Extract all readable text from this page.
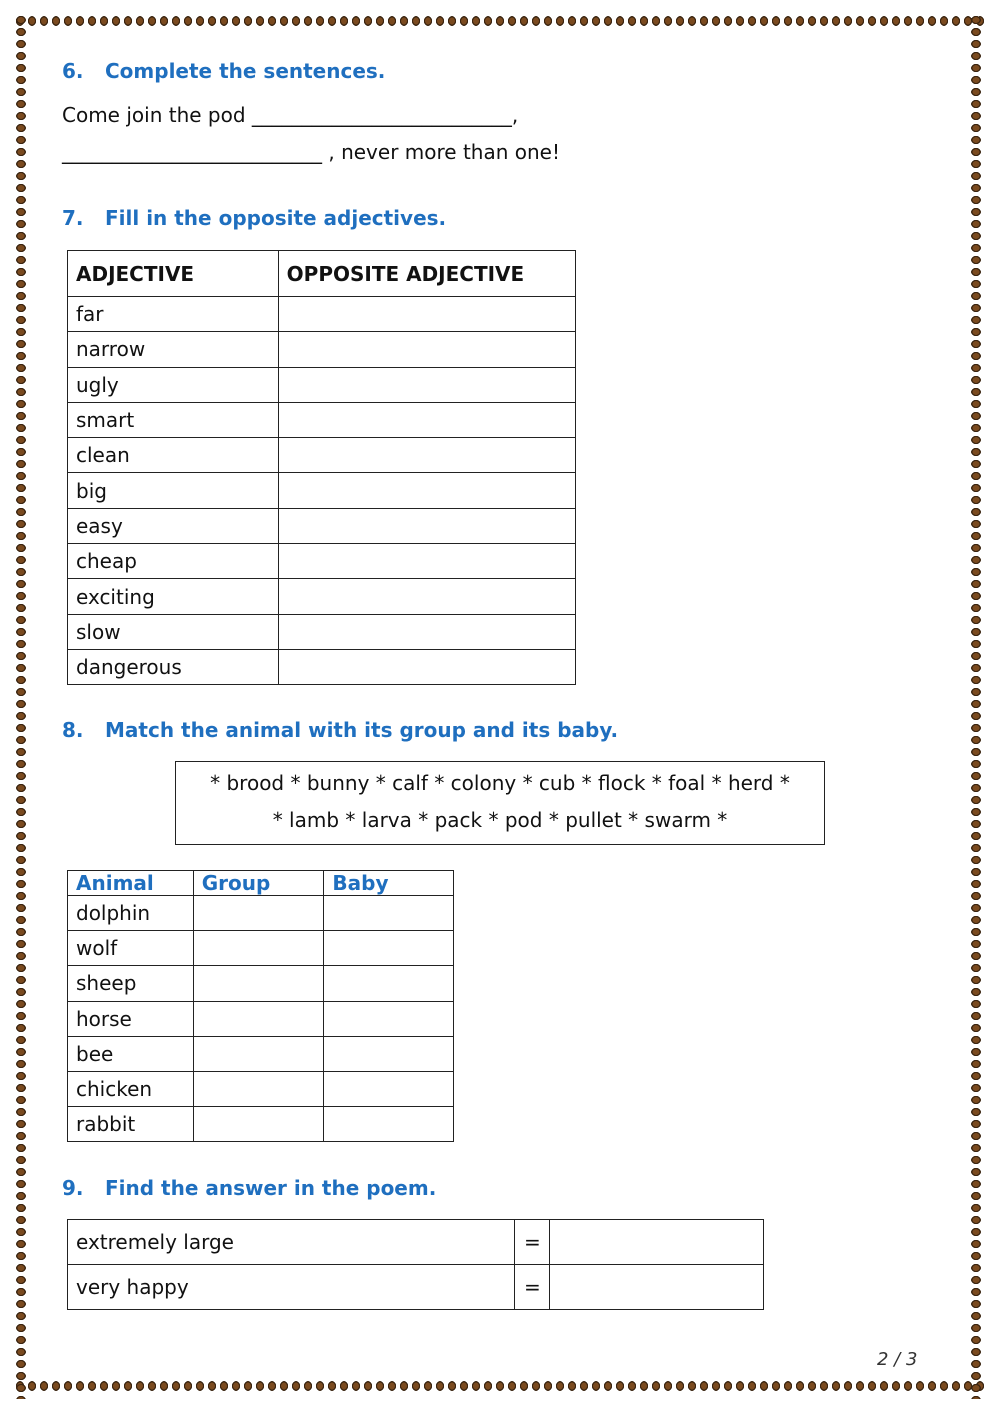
6. Complete the sentences.
Come join the pod __________________________,
__________________________ , never more than one!
7. Fill in the opposite adjectives.
ADJECTIVE	OPPOSITE ADJECTIVE
far	
narrow	
ugly	
smart	
clean	
big	
easy	
cheap	
exciting	
slow	
dangerous	
8. Match the animal with its group and its baby.
* brood * bunny * calf * colony * cub * flock * foal * herd *
* lamb * larva * pack * pod * pullet * swarm *
Animal	Group	Baby
dolphin		
wolf		
sheep		
horse		
bee		
chicken		
rabbit		
9. Find the answer in the poem.
extremely large	=	
very happy	=	
2 / 3
